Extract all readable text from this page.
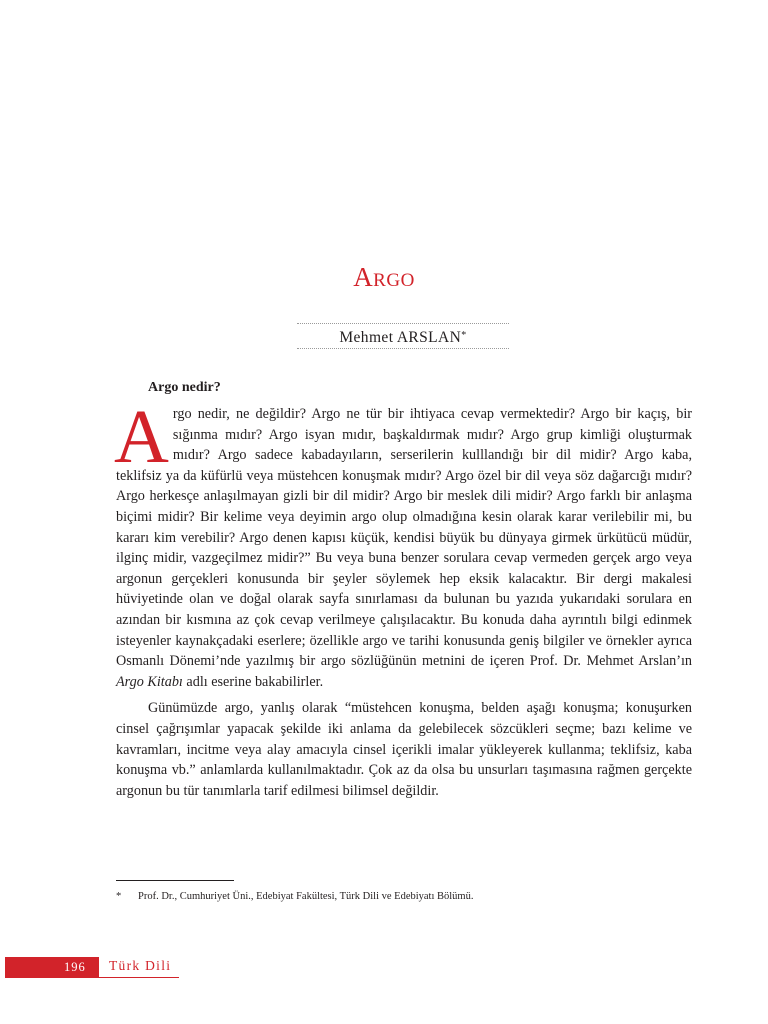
Argo
Mehmet ARSLAN*
Argo nedir?

Argo nedir, ne değildir? Argo ne tür bir ihtiyaca cevap vermektedir? Argo bir kaçış, bir sığınma mıdır? Argo isyan mıdır, başkaldırmak mıdır? Argo grup kimliği oluşturmak mıdır? Argo sadece kabadayıların, serserilerin kulllandığı bir dil midir? Argo kaba, teklifsiz ya da küfürlü veya müstehcen konuşmak mıdır? Argo özel bir dil veya söz dağarcığı mıdır? Argo herkesçe anlaşılmayan gizli bir dil midir? Argo bir meslek dili midir? Argo farklı bir anlaşma biçimi midir? Bir kelime veya deyimin argo olup olmadığına kesin olarak karar verilebilir mi, bu kararı kim verebilir? Argo denen kapısı küçük, kendisi büyük bu dünyaya girmek ürkütücü müdür, ilginç midir, vazgeçilmez midir?” Bu veya buna benzer sorulara cevap vermeden gerçek argo veya argonun gerçekleri konusunda bir şeyler söylemek hep eksik kalacaktır. Bir dergi makalesi hüviyetinde olan ve doğal olarak sayfa sınırlaması da bulunan bu yazıda yukarıdaki sorulara en azından bir kısmına az çok cevap verilmeye çalışılacaktır. Bu konuda daha ayrıntılı bilgi edinmek isteyenler kaynakçadaki eserlere; özellikle argo ve tarihi konusunda geniş bilgiler ve örnekler ayrıca Osmanlı Dönemi’nde yazılmış bir argo sözlüğünün metnini de içeren Prof. Dr. Mehmet Arslan’ın Argo Kitabı adlı eserine bakabilirler.

Günümüzde argo, yanlış olarak “müstehcen konuşma, belden aşağı konuşma; konuşurken cinsel çağrışımlar yapacak şekilde iki anlama da gelebilecek sözcükleri seçme; bazı kelime ve kavramları, incitme veya alay amacıyla cinsel içerikli imalar yükleyerek kullanma; teklifsiz, kaba konuşma vb.” anlamlarda kullanılmaktadır. Çok az da olsa bu unsurları taşımasına rağmen gerçekte argonun bu tür tanımlarla tarif edilmesi bilimsel değildir.

* Prof. Dr., Cumhuriyet Üni., Edebiyat Fakültesi, Türk Dili ve Edebiyatı Bölümü.
196 Türk Dili
